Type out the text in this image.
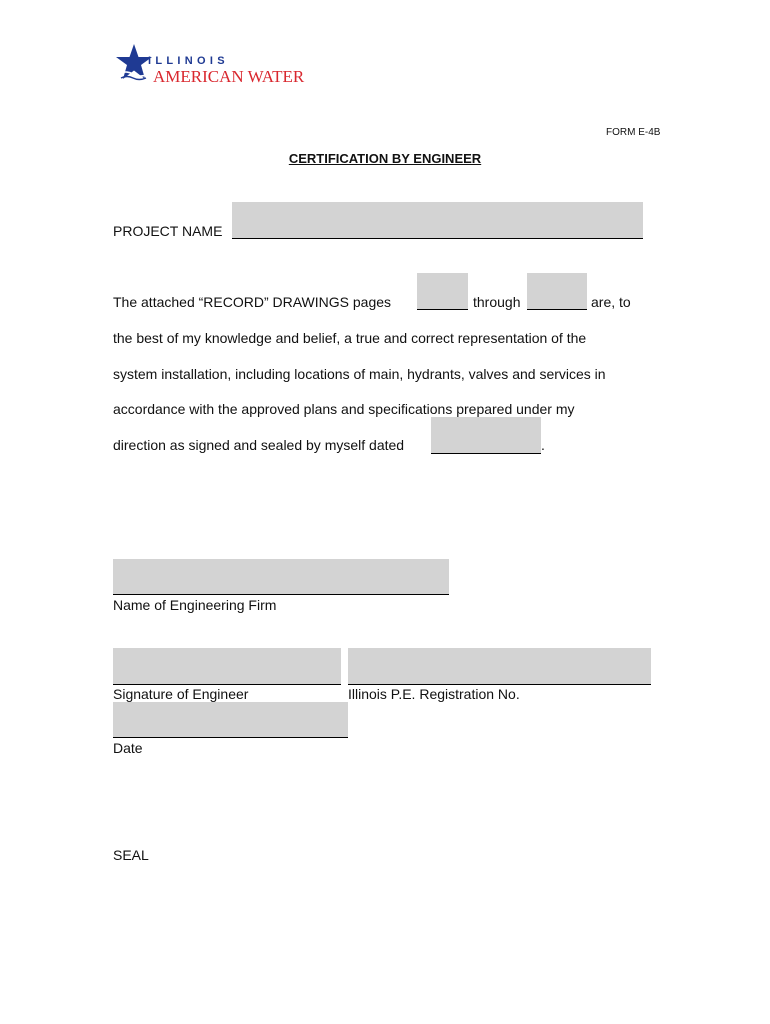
ILLINOIS
AMERICAN WATER
FORM E-4B
CERTIFICATION BY ENGINEER
PROJECT NAME
The attached “RECORD” DRAWINGS pages	through	are, to
the best of my knowledge and belief, a true and correct representation of the
system installation, including locations of main, hydrants, valves and services in
accordance with the approved plans and specifications prepared under my
direction as signed and sealed by myself dated	.
Name of Engineering Firm
Signature of Engineer	Illinois P.E. Registration No.
Date
SEAL
